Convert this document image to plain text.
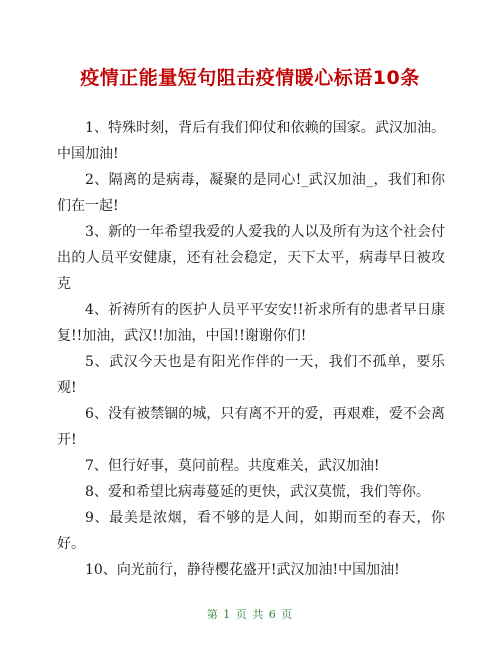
疫情正能量短句阻击疫情暖心标语10条

1、特殊时刻，背后有我们仰仗和依赖的国家。武汉加油。中国加油!

2、隔离的是病毒，凝聚的是同心!_武汉加油_，我们和你们在一起!

3、新的一年希望我爱的人爱我的人以及所有为这个社会付出的人员平安健康，还有社会稳定，天下太平，病毒早日被攻克

4、祈祷所有的医护人员平平安安!!祈求所有的患者早日康复!!加油，武汉!!加油，中国!!谢谢你们!

5、武汉今天也是有阳光作伴的一天，我们不孤单，要乐观!

6、没有被禁锢的城，只有离不开的爱，再艰难，爱不会离开!

7、但行好事，莫问前程。共度难关，武汉加油!

8、爱和希望比病毒蔓延的更快，武汉莫慌，我们等你。

9、最美是浓烟，看不够的是人间，如期而至的春天，你好。

10、向光前行，静待樱花盛开!武汉加油!中国加油!

第 1 页 共 6 页
